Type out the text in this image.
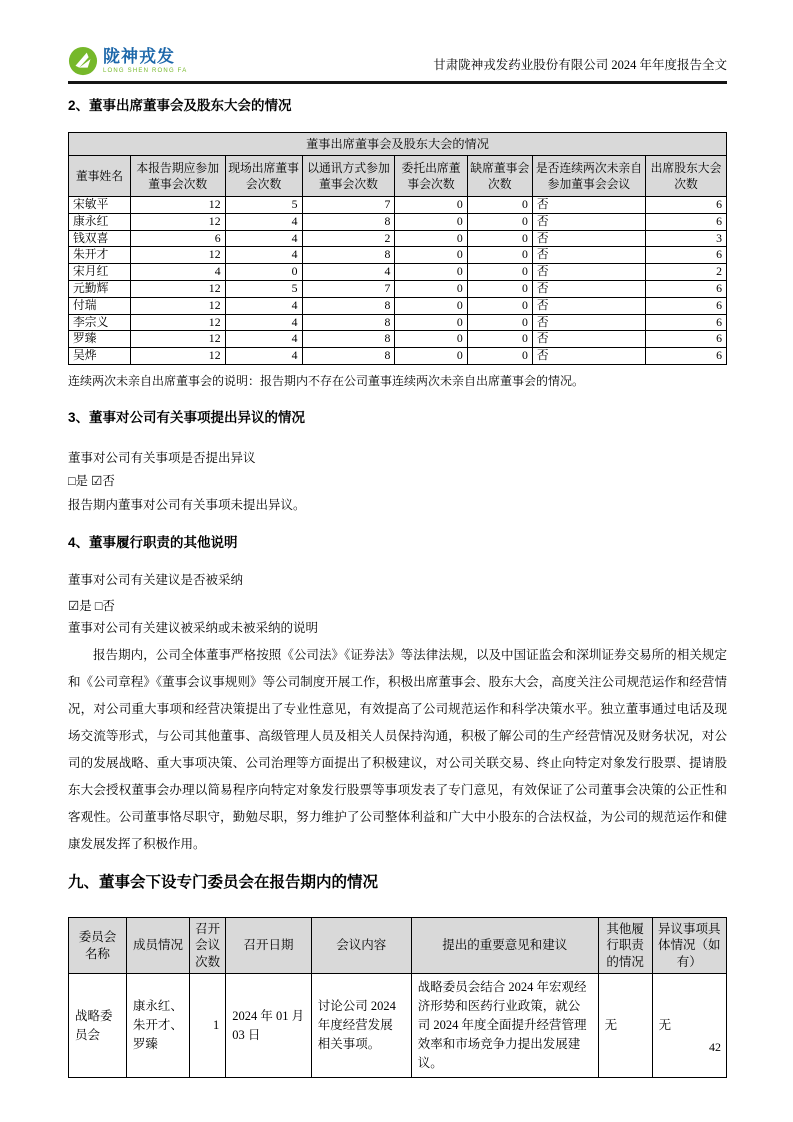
陇神戎发
LONG SHEN RONG FA	甘肃陇神戎发药业股份有限公司 2024 年年度报告全文
2、董事出席董事会及股东大会的情况
董事出席董事会及股东大会的情况							
董事姓名	本报告期应参加董事会次数	现场出席董事会次数	以通讯方式参加董事会次数	委托出席董事会次数	缺席董事会次数	是否连续两次未亲自参加董事会会议	出席股东大会次数
宋敏平	12	5	7	0	0	否	6
康永红	12	4	8	0	0	否	6
钱双喜	6	4	2	0	0	否	3
朱开才	12	4	8	0	0	否	6
宋月红	4	0	4	0	0	否	2
元勤辉	12	5	7	0	0	否	6
付瑞	12	4	8	0	0	否	6
李宗义	12	4	8	0	0	否	6
罗臻	12	4	8	0	0	否	6
吴烨	12	4	8	0	0	否	6

连续两次未亲自出席董事会的说明：报告期内不存在公司董事连续两次未亲自出席董事会的情况。

3、董事对公司有关事项提出异议的情况

董事对公司有关事项是否提出异议

□是 ☑否

报告期内董事对公司有关事项未提出异议。

4、董事履行职责的其他说明

董事对公司有关建议是否被采纳

☑是 □否

董事对公司有关建议被采纳或未被采纳的说明

报告期内，公司全体董事严格按照《公司法》《证券法》等法律法规，以及中国证监会和深圳证券交易所的相关规定和《公司章程》《董事会议事规则》等公司制度开展工作，积极出席董事会、股东大会，高度关注公司规范运作和经营情况，对公司重大事项和经营决策提出了专业性意见，有效提高了公司规范运作和科学决策水平。独立董事通过电话及现场交流等形式，与公司其他董事、高级管理人员及相关人员保持沟通，积极了解公司的生产经营情况及财务状况，对公司的发展战略、重大事项决策、公司治理等方面提出了积极建议，对公司关联交易、终止向特定对象发行股票、提请股东大会授权董事会办理以简易程序向特定对象发行股票等事项发表了专门意见，有效保证了公司董事会决策的公正性和客观性。公司董事恪尽职守，勤勉尽职，努力维护了公司整体利益和广大中小股东的合法权益，为公司的规范运作和健康发展发挥了积极作用。

九、董事会下设专门委员会在报告期内的情况
委员会名称	成员情况	召开会议次数	召开日期	会议内容	提出的重要意见和建议	其他履行职责的情况	异议事项具体情况（如有）
战略委员会	康永红、朱开才、罗臻	1	2024 年 01 月 03 日	讨论公司 2024 年度经营发展相关事项。	战略委员会结合 2024 年宏观经济形势和医药行业政策，就公司 2024 年度全面提升经营管理效率和市场竞争力提出发展建议。	无	无
42
